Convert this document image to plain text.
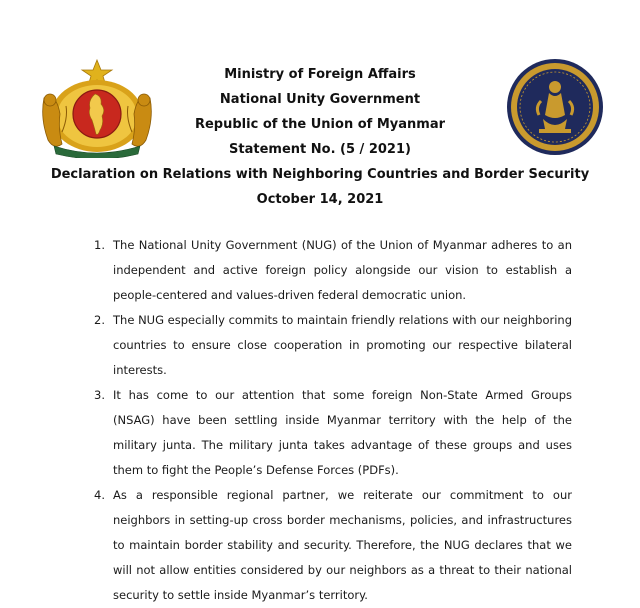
Ministry of Foreign Affairs
National Unity Government
Republic of the Union of Myanmar
Statement No. (5 / 2021)
Declaration on Relations with Neighboring Countries and Border Security
October 14, 2021
1. The National Unity Government (NUG) of the Union of Myanmar adheres to an independent and active foreign policy alongside our vision to establish a people-centered and values-driven federal democratic union.
2. The NUG especially commits to maintain friendly relations with our neighboring countries to ensure close cooperation in promoting our respective bilateral interests.
3. It has come to our attention that some foreign Non-State Armed Groups (NSAG) have been settling inside Myanmar territory with the help of the military junta. The military junta takes advantage of these groups and uses them to fight the People’s Defense Forces (PDFs).
4. As a responsible regional partner, we reiterate our commitment to our neighbors in setting-up cross border mechanisms, policies, and infrastructures to maintain border stability and security. Therefore, the NUG declares that we will not allow entities considered by our neighbors as a threat to their national security to settle inside Myanmar’s territory.
